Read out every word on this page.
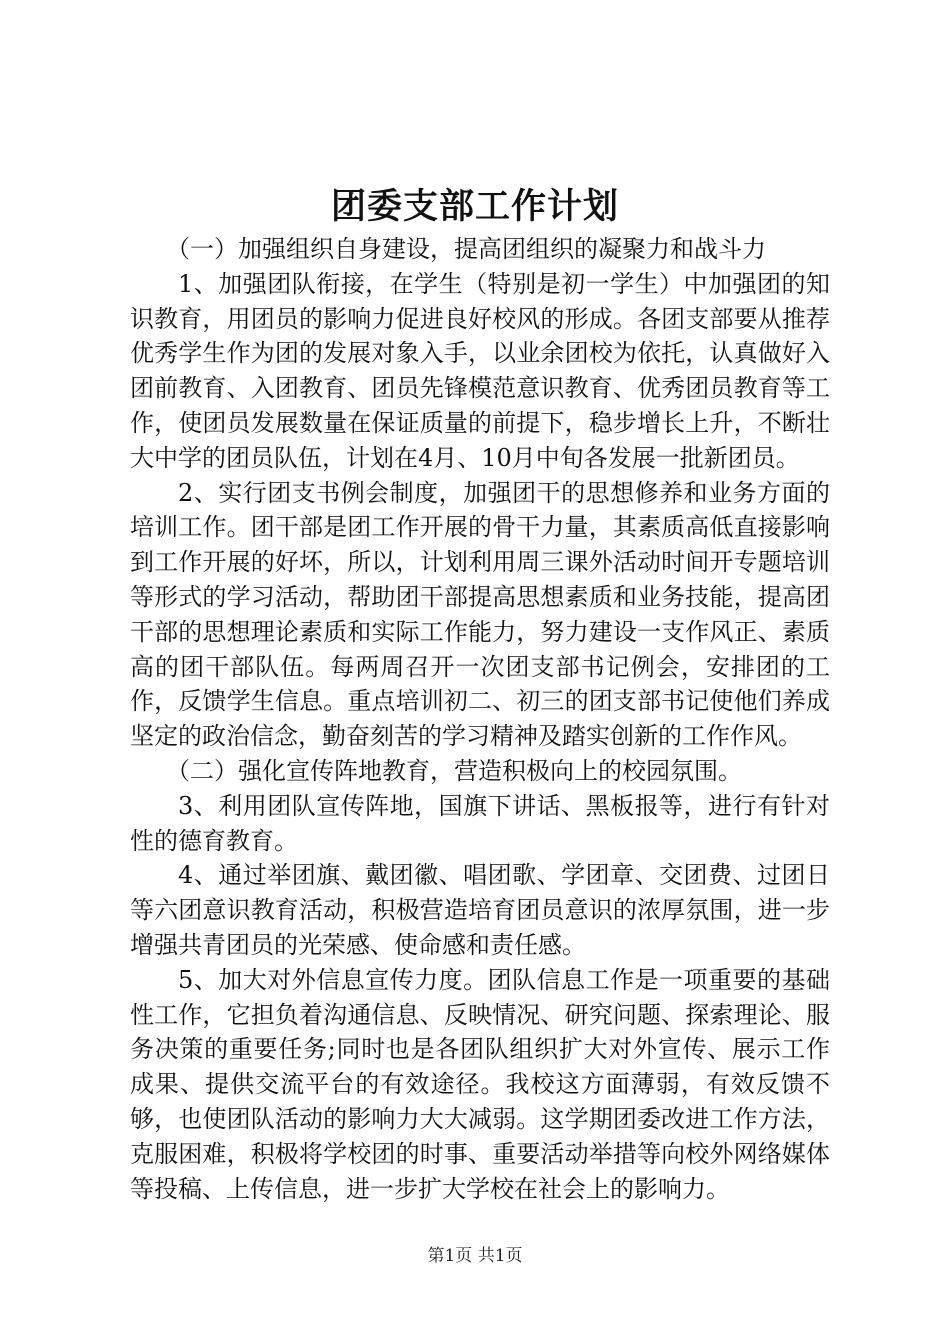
团委支部工作计划

（一）加强组织自身建设，提高团组织的凝聚力和战斗力

1、加强团队衔接，在学生（特别是初一学生）中加强团的知识教育，用团员的影响力促进良好校风的形成。各团支部要从推荐优秀学生作为团的发展对象入手，以业余团校为依托，认真做好入团前教育、入团教育、团员先锋模范意识教育、优秀团员教育等工作，使团员发展数量在保证质量的前提下，稳步增长上升，不断壮大中学的团员队伍，计划在4月、10月中旬各发展一批新团员。

2、实行团支书例会制度，加强团干的思想修养和业务方面的培训工作。团干部是团工作开展的骨干力量，其素质高低直接影响到工作开展的好坏，所以，计划利用周三课外活动时间开专题培训等形式的学习活动，帮助团干部提高思想素质和业务技能，提高团干部的思想理论素质和实际工作能力，努力建设一支作风正、素质高的团干部队伍。每两周召开一次团支部书记例会，安排团的工作，反馈学生信息。重点培训初二、初三的团支部书记使他们养成坚定的政治信念，勤奋刻苦的学习精神及踏实创新的工作作风。

（二）强化宣传阵地教育，营造积极向上的校园氛围。

3、利用团队宣传阵地，国旗下讲话、黑板报等，进行有针对性的德育教育。

4、通过举团旗、戴团徽、唱团歌、学团章、交团费、过团日等六团意识教育活动，积极营造培育团员意识的浓厚氛围，进一步增强共青团员的光荣感、使命感和责任感。

5、加大对外信息宣传力度。团队信息工作是一项重要的基础性工作，它担负着沟通信息、反映情况、研究问题、探索理论、服务决策的重要任务;同时也是各团队组织扩大对外宣传、展示工作成果、提供交流平台的有效途径。我校这方面薄弱，有效反馈不够，也使团队活动的影响力大大减弱。这学期团委改进工作方法，克服困难，积极将学校团的时事、重要活动举措等向校外网络媒体等投稿、上传信息，进一步扩大学校在社会上的影响力。

第1页 共1页
